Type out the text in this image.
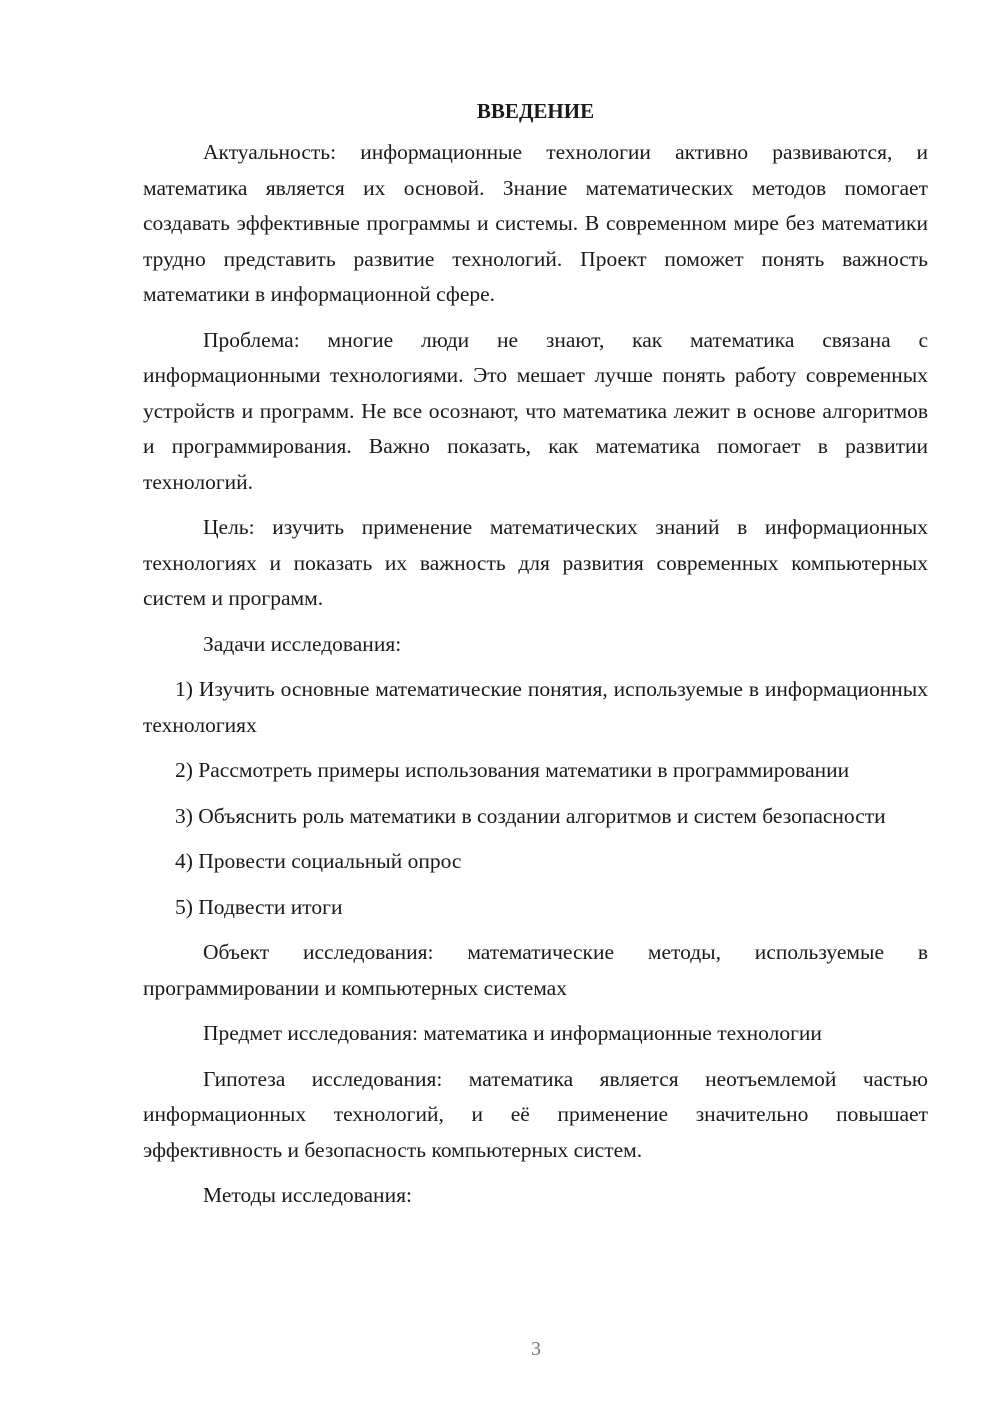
ВВЕДЕНИЕ

Актуальность: информационные технологии активно развиваются, и математика является их основой. Знание математических методов помогает создавать эффективные программы и системы. В современном мире без математики трудно представить развитие технологий. Проект поможет понять важность математики в информационной сфере.

Проблема: многие люди не знают, как математика связана с информационными технологиями. Это мешает лучше понять работу современных устройств и программ. Не все осознают, что математика лежит в основе алгоритмов и программирования. Важно показать, как математика помогает в развитии технологий.

Цель: изучить применение математических знаний в информационных технологиях и показать их важность для развития современных компьютерных систем и программ.

Задачи исследования:

1) Изучить основные математические понятия, используемые в информационных технологиях

2) Рассмотреть примеры использования математики в программировании

3) Объяснить роль математики в создании алгоритмов и систем безопасности

4) Провести социальный опрос

5) Подвести итоги

Объект исследования: математические методы, используемые в программировании и компьютерных системах

Предмет исследования: математика и информационные технологии

Гипотеза исследования: математика является неотъемлемой частью информационных технологий, и её применение значительно повышает эффективность и безопасность компьютерных систем.

Методы исследования:

3
